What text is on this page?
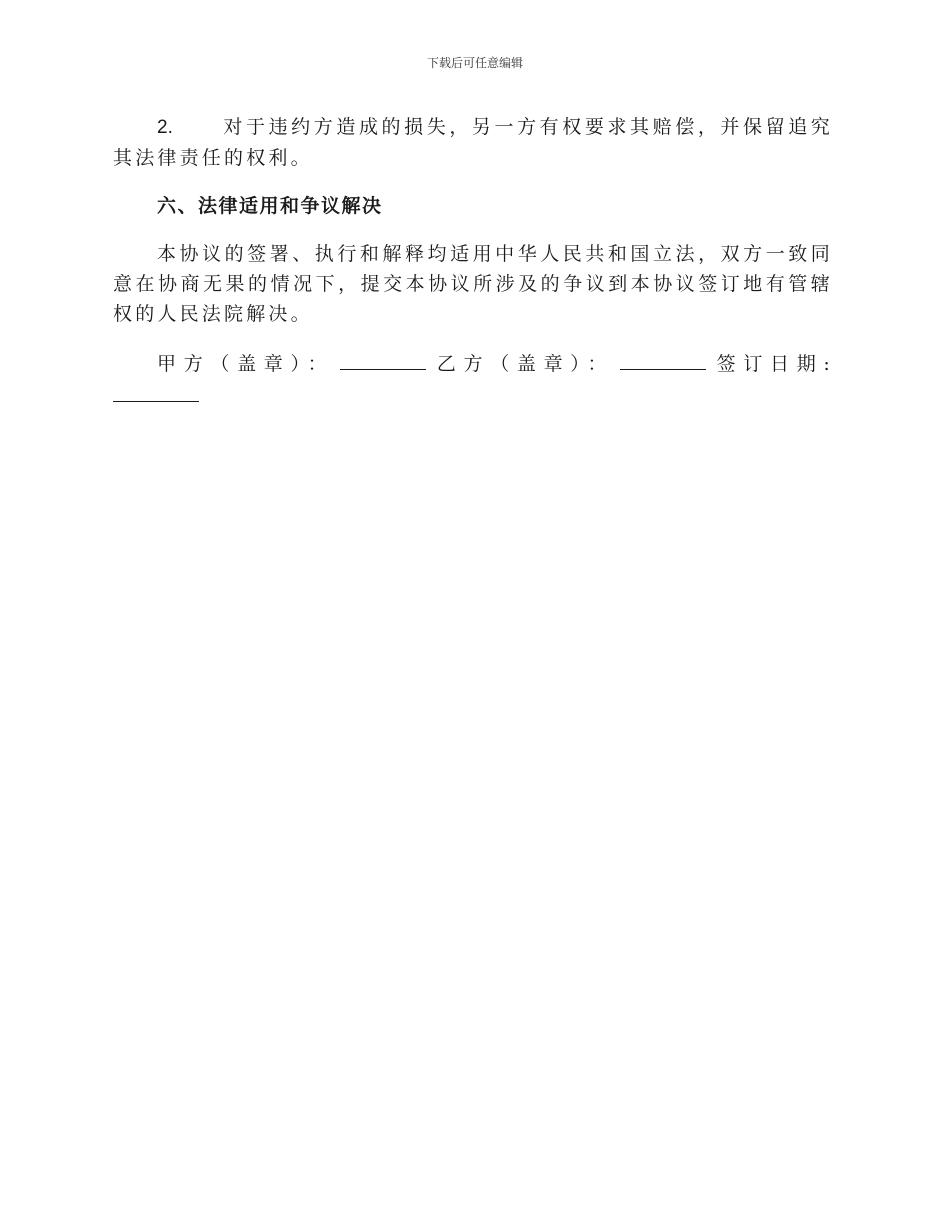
下载后可任意编辑

2.	对于违约方造成的损失，另一方有权要求其赔偿，并保留追究其法律责任的权利。

六、法律适用和争议解决

本协议的签署、执行和解释均适用中华人民共和国立法，双方一致同意在协商无果的情况下，提交本协议所涉及的争议到本协议签订地有管辖权的人民法院解决。

甲方（盖章）：	乙方（盖章）：	签订日期:
